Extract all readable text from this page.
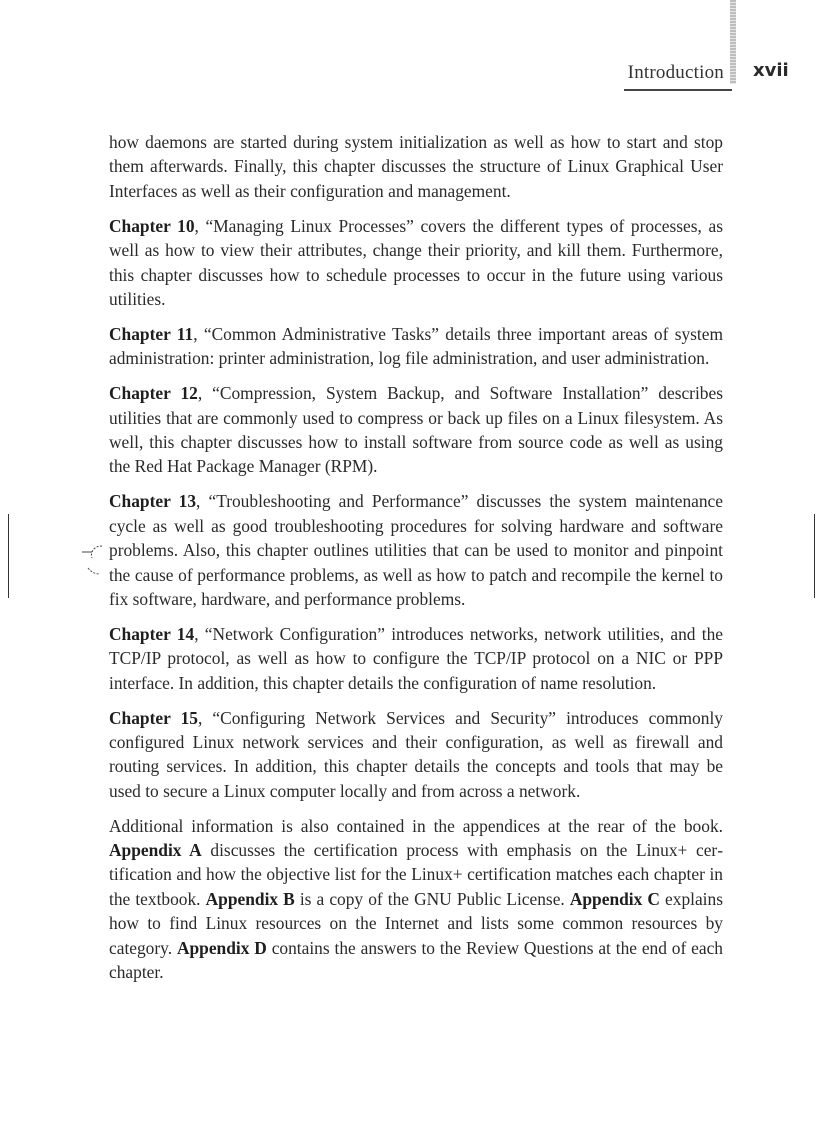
Introduction xvii

how daemons are started during system initialization as well as how to start and stop them afterwards. Finally, this chapter discusses the structure of Linux Graphical User Interfaces as well as their configuration and management.

Chapter 10, “Managing Linux Processes” covers the different types of processes, as well as how to view their attributes, change their priority, and kill them. Furthermore, this chapter discusses how to schedule processes to occur in the future using various utilities.

Chapter 11, “Common Administrative Tasks” details three important areas of system administration: printer administration, log file administration, and user administration.

Chapter 12, “Compression, System Backup, and Software Installation” describes utilities that are commonly used to compress or back up files on a Linux filesystem. As well, this chapter discusses how to install software from source code as well as using the Red Hat Package Manager (RPM).

Chapter 13, “Troubleshooting and Performance” discusses the system maintenance cycle as well as good troubleshooting procedures for solving hardware and software problems. Also, this chapter outlines utilities that can be used to monitor and pinpoint the cause of performance problems, as well as how to patch and recompile the kernel to fix software, hardware, and performance problems.

Chapter 14, “Network Configuration” introduces networks, network utilities, and the TCP/IP protocol, as well as how to configure the TCP/IP protocol on a NIC or PPP interface. In addition, this chapter details the configuration of name resolution.

Chapter 15, “Configuring Network Services and Security” introduces commonly configured Linux network services and their configuration, as well as firewall and routing services. In addition, this chapter details the concepts and tools that may be used to secure a Linux computer locally and from across a network.

Additional information is also contained in the appendices at the rear of the book. Appendix A discusses the certification process with emphasis on the Linux+ certification and how the objective list for the Linux+ certification matches each chapter in the textbook. Appendix B is a copy of the GNU Public License. Appendix C explains how to find Linux resources on the Internet and lists some common resources by category. Appendix D contains the answers to the Review Questions at the end of each chapter.
